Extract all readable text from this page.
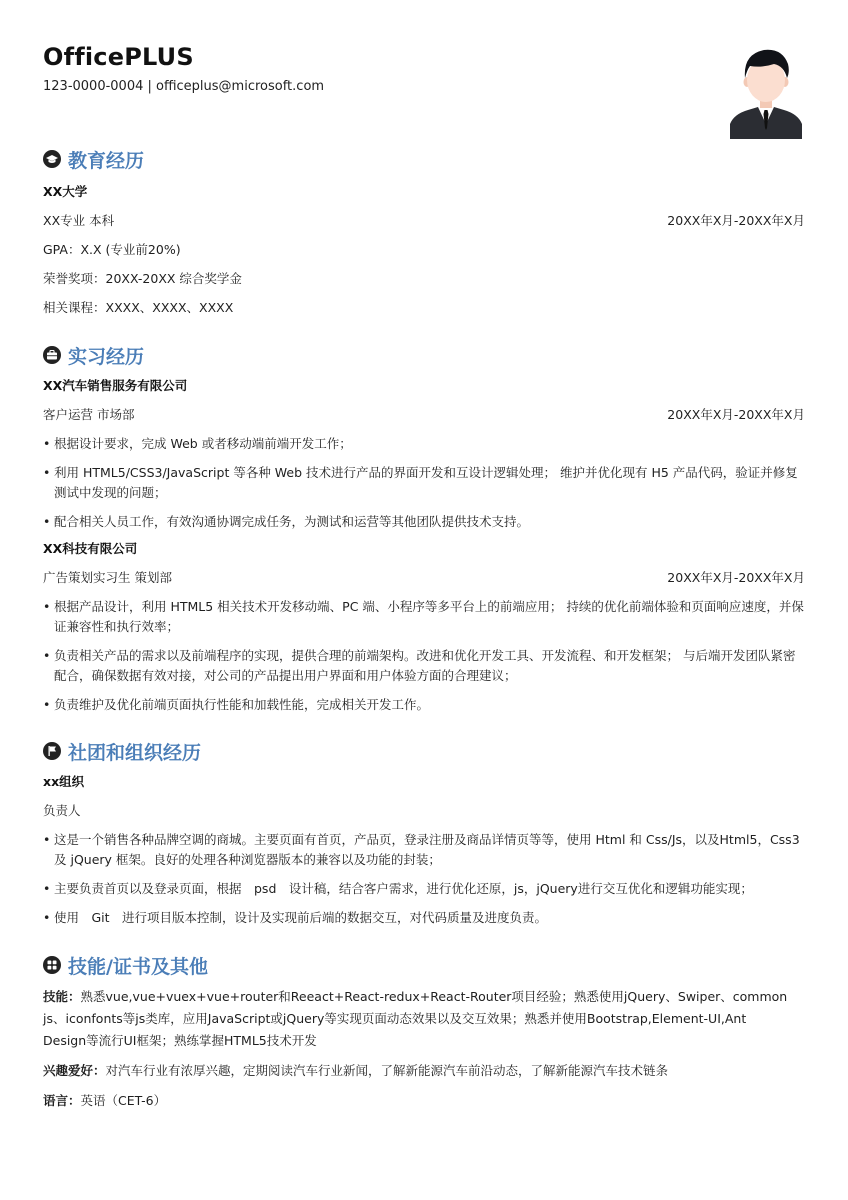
OfficePLUS
123-0000-0004 | officeplus@microsoft.com
教育经历
XX大学
XX专业 本科	20XX年X月-20XX年X月
GPA：X.X (专业前20%)
荣誉奖项：20XX-20XX 综合奖学金
相关课程：XXXX、XXXX、XXXX
实习经历
XX汽车销售服务有限公司
客户运营 市场部	20XX年X月-20XX年X月
• 根据设计要求，完成 Web 或者移动端前端开发工作；
• 利用 HTML5/CSS3/JavaScript 等各种 Web 技术进行产品的界面开发和互设计逻辑处理； 维护并优化现有 H5 产品代码，验证并修复测试中发现的问题；
• 配合相关人员工作，有效沟通协调完成任务，为测试和运营等其他团队提供技术支持。
XX科技有限公司
广告策划实习生 策划部	20XX年X月-20XX年X月
• 根据产品设计，利用 HTML5 相关技术开发移动端、PC 端、小程序等多平台上的前端应用； 持续的优化前端体验和页面响应速度，并保证兼容性和执行效率；
• 负责相关产品的需求以及前端程序的实现，提供合理的前端架构。改进和优化开发工具、开发流程、和开发框架； 与后端开发团队紧密配合，确保数据有效对接，对公司的产品提出用户界面和用户体验方面的合理建议；
• 负责维护及优化前端页面执行性能和加载性能，完成相关开发工作。
社团和组织经历
xx组织
负责人
• 这是一个销售各种品牌空调的商城。主要页面有首页，产品页，登录注册及商品详情页等等，使用 Html 和 Css/Js，以及Html5，Css3 及 jQuery 框架。良好的处理各种浏览器版本的兼容以及功能的封装；
• 主要负责首页以及登录页面，根据　psd　设计稿，结合客户需求，进行优化还原，js，jQuery进行交互优化和逻辑功能实现；
• 使用　Git　进行项目版本控制，设计及实现前后端的数据交互，对代码质量及进度负责。
技能/证书及其他
技能：熟悉vue,vue+vuex+vue+router和Reeact+React-redux+React-Router项目经验；熟悉使用jQuery、Swiper、common js、iconfonts等js类库，应用JavaScript或jQuery等实现页面动态效果以及交互效果；熟悉并使用Bootstrap,Element-UI,Ant　　Design等流行UI框架；熟练掌握HTML5技术开发
兴趣爱好：对汽车行业有浓厚兴趣，定期阅读汽车行业新闻，了解新能源汽车前沿动态，了解新能源汽车技术链条
语言：英语（CET-6）
